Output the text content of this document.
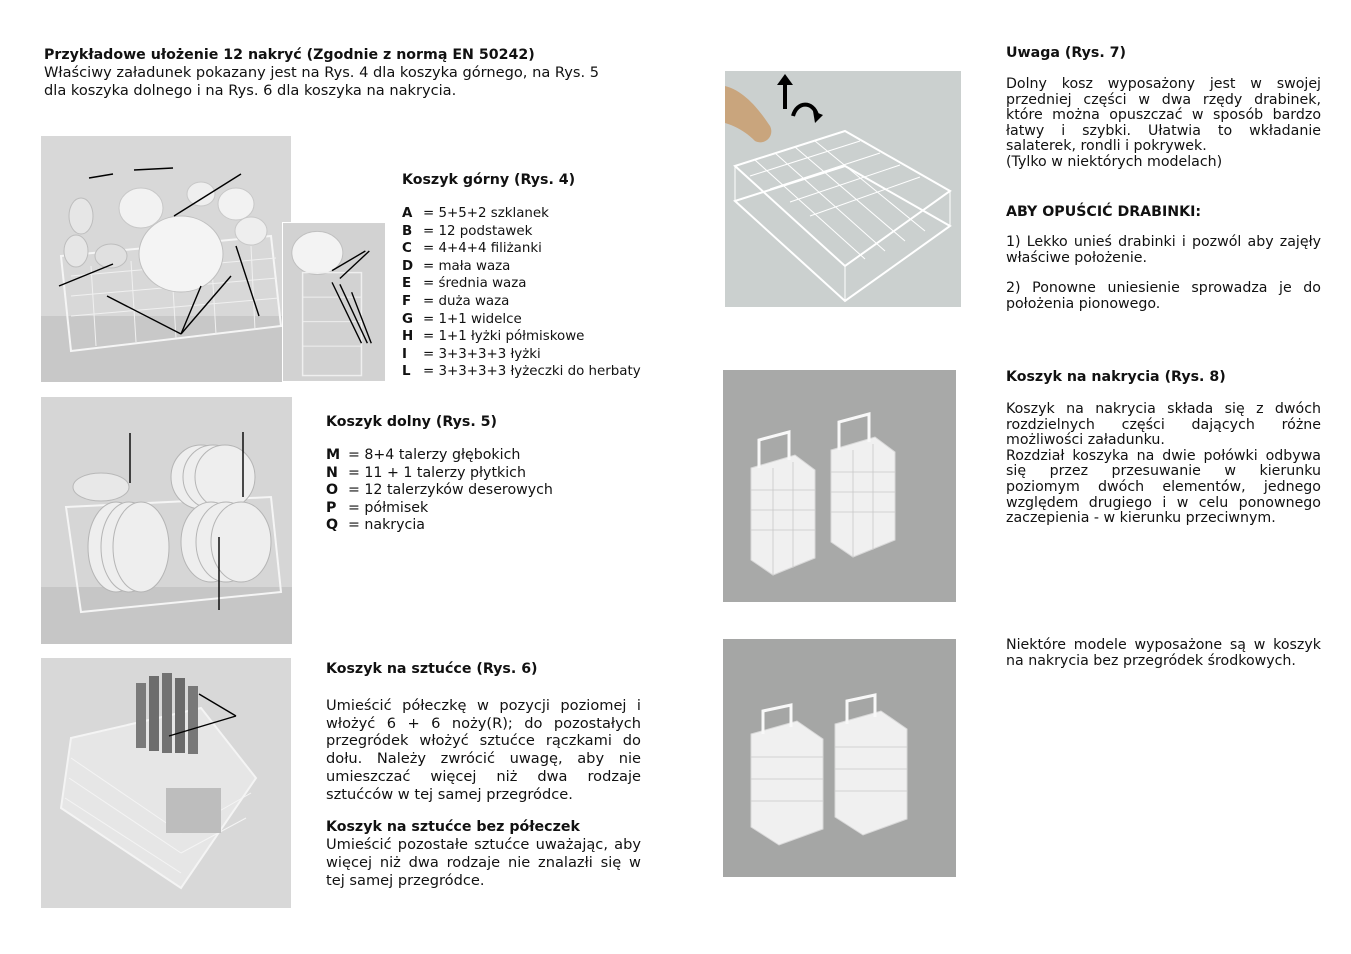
Przykładowe ułożenie 12 nakryć (Zgodnie z normą EN 50242)
Właściwy załadunek pokazany jest na Rys. 4 dla koszyka górnego, na Rys. 5
dla koszyka dolnego i na Rys. 6 dla koszyka na nakrycia.
Koszyk górny (Rys. 4)
A = 5+5+2 szklanek
B = 12 podstawek
C = 4+4+4 filiżanki
D = mała waza
E = średnia waza
F = duża waza
G = 1+1 widelce
H = 1+1 łyżki półmiskowe
I	= 3+3+3+3 łyżki
L = 3+3+3+3 łyżeczki do herbaty
Koszyk dolny (Rys. 5)
M = 8+4 talerzy głębokich
N = 11 + 1 talerzy płytkich
O = 12 talerzyków deserowych
P = półmisek
Q = nakrycia
Koszyk na sztućce (Rys. 6)
Umieścić półeczkę w pozycji poziomej i włożyć 6 + 6 noży(R); do pozostałych przegródek włożyć sztućce rączkami do dołu. Należy zwrócić uwagę, aby nie umieszczać więcej niż dwa rodzaje sztućców w tej samej przegródce.
Koszyk na sztućce bez półeczek
Umieścić pozostałe sztućce uważając, aby więcej niż dwa rodzaje nie znalazłi się w tej samej przegródce.
Uwaga (Rys. 7)
Dolny kosz wyposażony jest w swojej przedniej części w dwa rzędy drabinek, które można opuszczać w sposób bardzo łatwy i szybki. Ułatwia to wkładanie salaterek, rondli i pokrywek.
(Tylko w niektórych modelach)
ABY OPUŚCIĆ DRABINKI:
1) Lekko unieś drabinki i pozwól aby zajęły właściwe położenie.
2) Ponowne uniesienie sprowadza je do położenia pionowego.
Koszyk na nakrycia (Rys. 8)
Koszyk na nakrycia składa się z dwóch rozdzielnych części dających różne możliwości załadunku.
Rozdział koszyka na dwie połówki odbywa się przez przesuwanie w kierunku poziomym dwóch elementów, jednego względem drugiego i w celu ponownego zaczepienia - w kierunku przeciwnym.
Niektóre modele wyposażone są w koszyk na nakrycia bez przegródek środkowych.
